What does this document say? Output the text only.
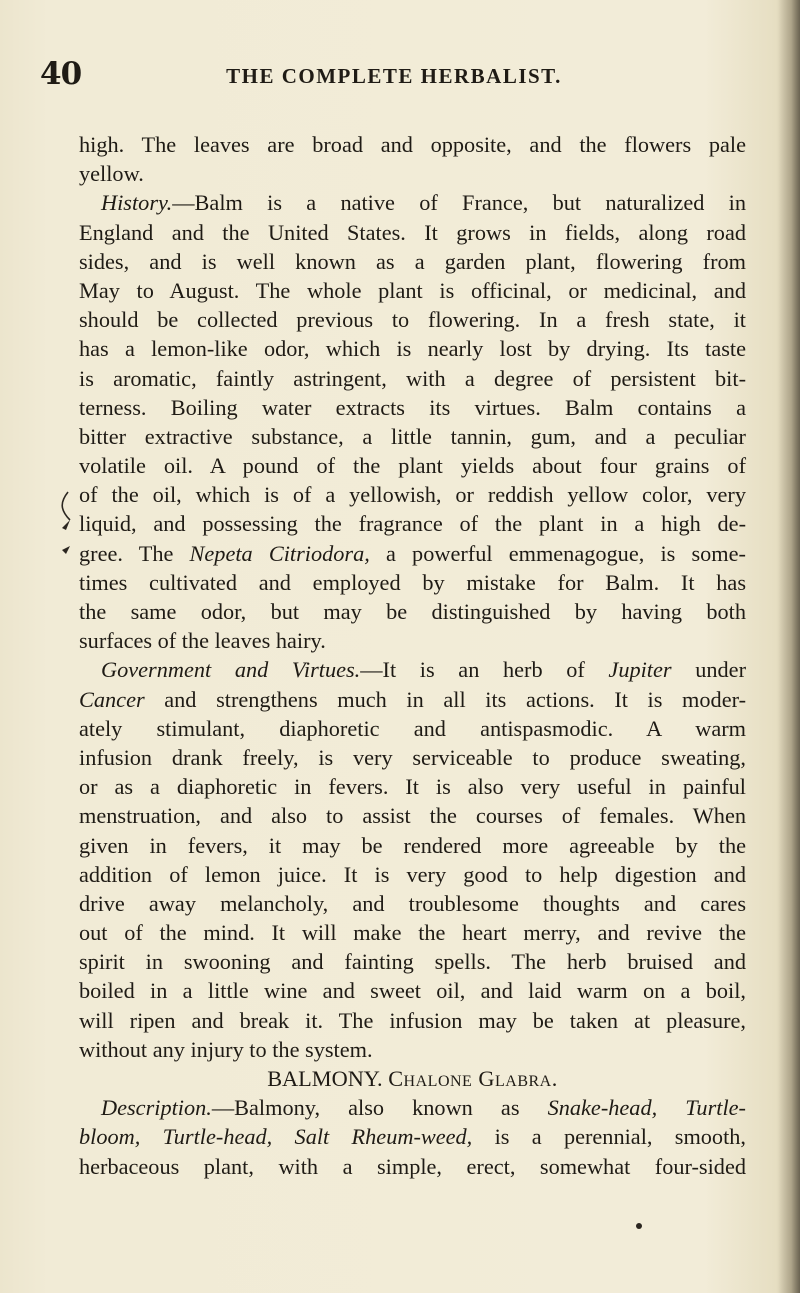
40	THE COMPLETE HERBALIST.
high. The leaves are broad and opposite, and the flowers pale
yellow.
History.—Balm is a native of France, but naturalized in
England and the United States. It grows in fields, along road
sides, and is well known as a garden plant, flowering from
May to August. The whole plant is officinal, or medicinal, and
should be collected previous to flowering. In a fresh state, it
has a lemon-like odor, which is nearly lost by drying. Its taste
is aromatic, faintly astringent, with a degree of persistent bit-
terness. Boiling water extracts its virtues. Balm contains a
bitter extractive substance, a little tannin, gum, and a peculiar
volatile oil. A pound of the plant yields about four grains of
of the oil, which is of a yellowish, or reddish yellow color, very
liquid, and possessing the fragrance of the plant in a high de-
gree. The Nepeta Citriodora, a powerful emmenagogue, is some-
times cultivated and employed by mistake for Balm. It has
the same odor, but may be distinguished by having both
surfaces of the leaves hairy.
Government and Virtues.—It is an herb of Jupiter under
Cancer and strengthens much in all its actions. It is moder-
ately stimulant, diaphoretic and antispasmodic. A warm
infusion drank freely, is very serviceable to produce sweating,
or as a diaphoretic in fevers. It is also very useful in painful
menstruation, and also to assist the courses of females. When
given in fevers, it may be rendered more agreeable by the
addition of lemon juice. It is very good to help digestion and
drive away melancholy, and troublesome thoughts and cares
out of the mind. It will make the heart merry, and revive the
spirit in swooning and fainting spells. The herb bruised and
boiled in a little wine and sweet oil, and laid warm on a boil,
will ripen and break it. The infusion may be taken at pleasure,
without any injury to the system.
BALMONY. Chalone Glabra.
Description.—Balmony, also known as Snake-head, Turtle-
bloom, Turtle-head, Salt Rheum-weed, is a perennial, smooth,
herbaceous plant, with a simple, erect, somewhat four-sided
